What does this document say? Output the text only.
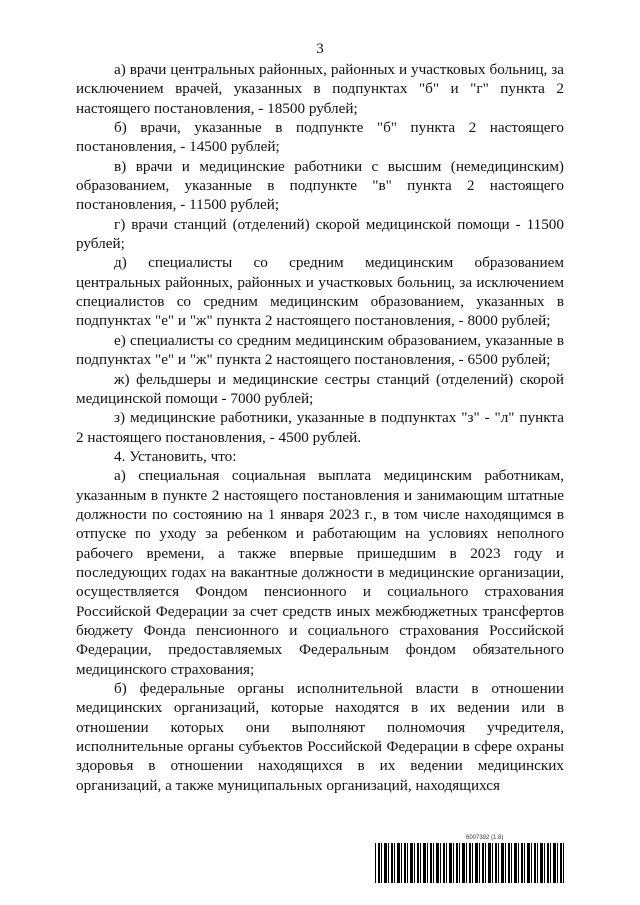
3

а) врачи центральных районных, районных и участковых больниц, за исключением врачей, указанных в подпунктах "б" и "г" пункта 2 настоящего постановления, - 18500 рублей;

б) врачи, указанные в подпункте "б" пункта 2 настоящего постановления, - 14500 рублей;

в) врачи и медицинские работники с высшим (немедицинским) образованием, указанные в подпункте "в" пункта 2 настоящего постановления, - 11500 рублей;

г) врачи станций (отделений) скорой медицинской помощи - 11500 рублей;

д) специалисты со средним медицинским образованием центральных районных, районных и участковых больниц, за исключением специалистов со средним медицинским образованием, указанных в подпунктах "е" и "ж" пункта 2 настоящего постановления, - 8000 рублей;

е) специалисты со средним медицинским образованием, указанные в подпунктах "е" и "ж" пункта 2 настоящего постановления, - 6500 рублей;

ж) фельдшеры и медицинские сестры станций (отделений) скорой медицинской помощи - 7000 рублей;

з) медицинские работники, указанные в подпунктах "з" - "л" пункта 2 настоящего постановления, - 4500 рублей.

4. Установить, что:

а) специальная социальная выплата медицинским работникам, указанным в пункте 2 настоящего постановления и занимающим штатные должности по состоянию на 1 января 2023 г., в том числе находящимся в отпуске по уходу за ребенком и работающим на условиях неполного рабочего времени, а также впервые пришедшим в 2023 году и последующих годах на вакантные должности в медицинские организации, осуществляется Фондом пенсионного и социального страхования Российской Федерации за счет средств иных межбюджетных трансфертов бюджету Фонда пенсионного и социального страхования Российской Федерации, предоставляемых Федеральным фондом обязательного медицинского страхования;

б) федеральные органы исполнительной власти в отношении медицинских организаций, которые находятся в их ведении или в отношении которых они выполняют полномочия учредителя, исполнительные органы субъектов Российской Федерации в сфере охраны здоровья в отношении находящихся в их ведении медицинских организаций, а также муниципальных организаций, находящихся

6007392 (1.8)
